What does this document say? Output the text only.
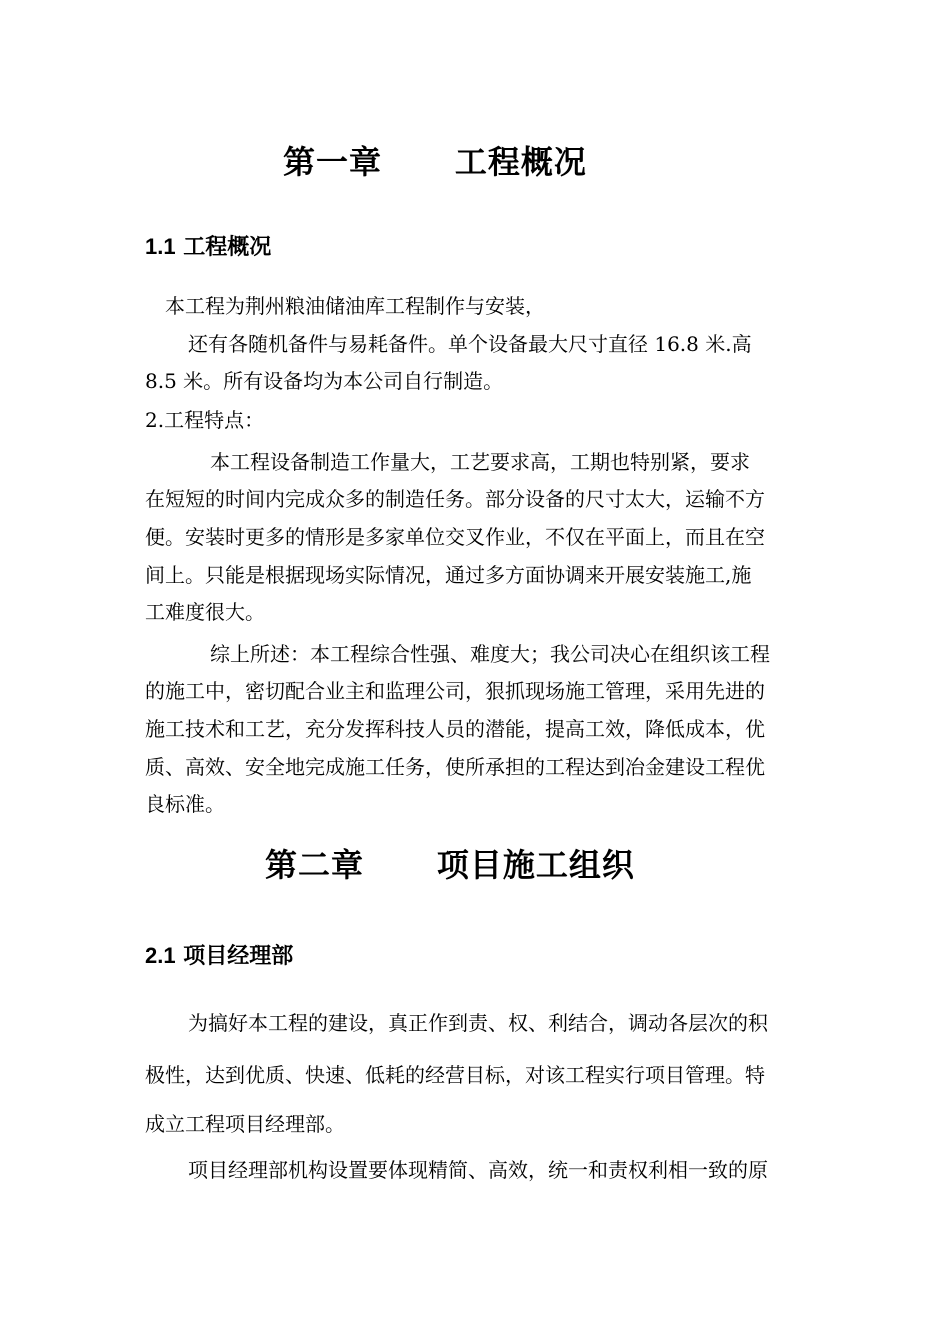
第一章      工程概况
1.1 工程概况
本工程为荆州粮油储油库工程制作与安装，
还有各随机备件与易耗备件。单个设备最大尺寸直径 16.8 米.高
8.5 米。所有设备均为本公司自行制造。
2.工程特点：
本工程设备制造工作量大，工艺要求高，工期也特别紧，要求
在短短的时间内完成众多的制造任务。部分设备的尺寸太大，运输不方
便。安装时更多的情形是多家单位交叉作业，不仅在平面上，而且在空
间上。只能是根据现场实际情况，通过多方面协调来开展安装施工,施
工难度很大。
综上所述：本工程综合性强、难度大；我公司决心在组织该工程
的施工中，密切配合业主和监理公司，狠抓现场施工管理，采用先进的
施工技术和工艺，充分发挥科技人员的潜能，提高工效，降低成本，优
质、高效、安全地完成施工任务，使所承担的工程达到冶金建设工程优
良标准。
第二章      项目施工组织
2.1 项目经理部
为搞好本工程的建设，真正作到责、权、利结合，调动各层次的积
极性，达到优质、快速、低耗的经营目标，对该工程实行项目管理。特
成立工程项目经理部。
项目经理部机构设置要体现精简、高效，统一和责权利相一致的原
